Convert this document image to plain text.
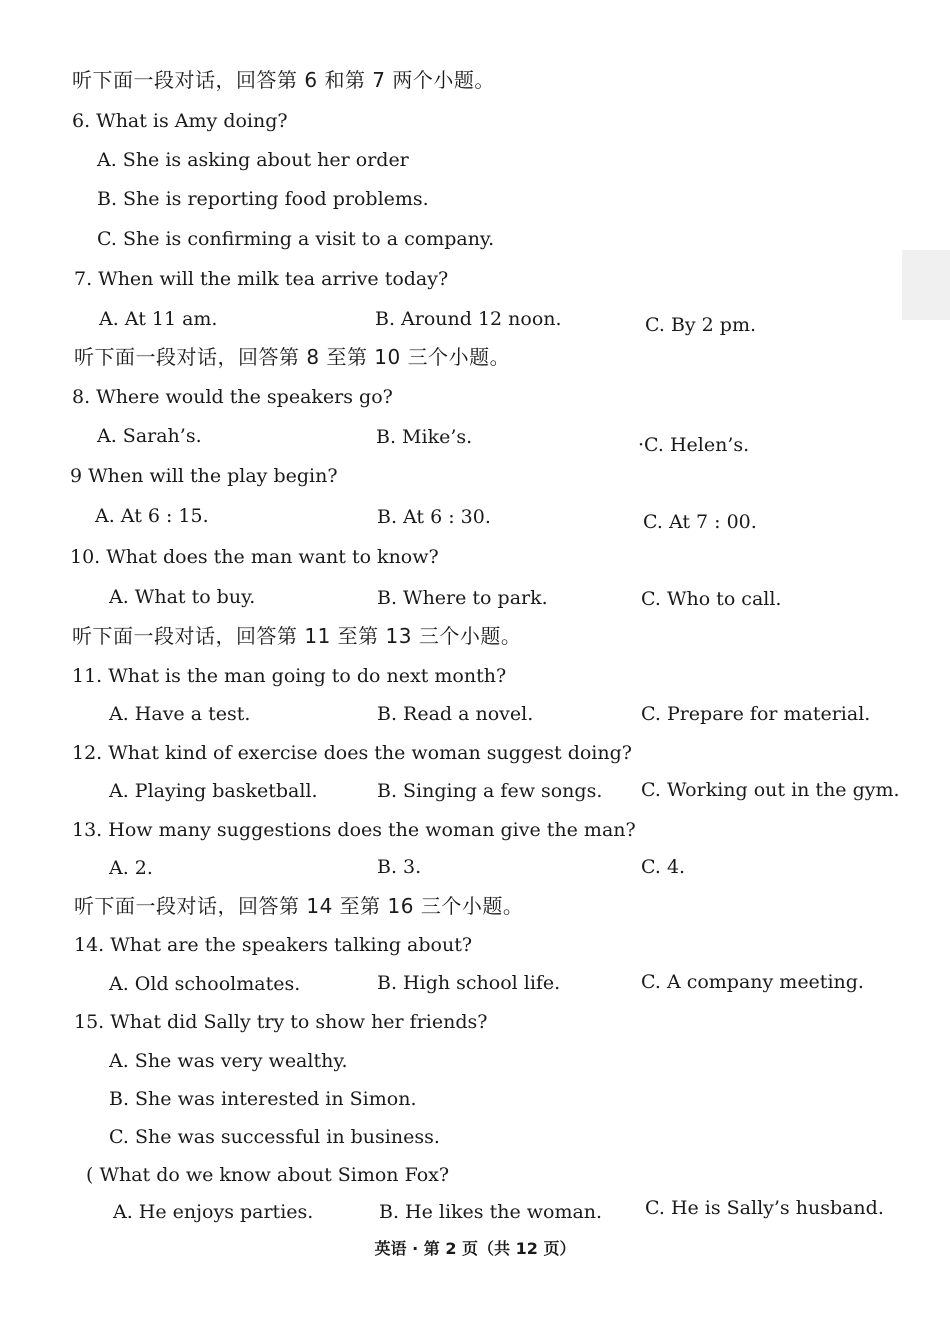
听下面一段对话，回答第 6 和第 7 两个小题。
6. What is Amy doing?
A. She is asking about her order
B. She is reporting food problems.
C. She is confirming a visit to a company.
7. When will the milk tea arrive today?
A. At 11 am.	B. Around 12 noon.	C. By 2 pm.
听下面一段对话，回答第 8 至第 10 三个小题。
8. Where would the speakers go?
A. Sarah’s.	B. Mike’s.	·C. Helen’s.
9 When will the play begin?
A. At 6 : 15.	B. At 6 : 30.	C. At 7 : 00.
10. What does the man want to know?
A. What to buy.	B. Where to park.	C. Who to call.
听下面一段对话，回答第 11 至第 13 三个小题。
11. What is the man going to do next month?
A. Have a test.	B. Read a novel.	C. Prepare for material.
12. What kind of exercise does the woman suggest doing?
A. Playing basketball.	B. Singing a few songs. C. Working out in the gym.
13. How many suggestions does the woman give the man?
A. 2.	B. 3.	C. 4.
听下面一段对话，回答第 14 至第 16 三个小题。
14. What are the speakers talking about?
A. Old schoolmates.	B. High school life.	C. A company meeting.
15. What did Sally try to show her friends?
A. She was very wealthy.
B. She was interested in Simon.
C. She was successful in business.
( What do we know about Simon Fox?
A. He enjoys parties.	B. He likes the woman. C. He is Sally’s husband.
英语 · 第 2 页（共 12 页）
